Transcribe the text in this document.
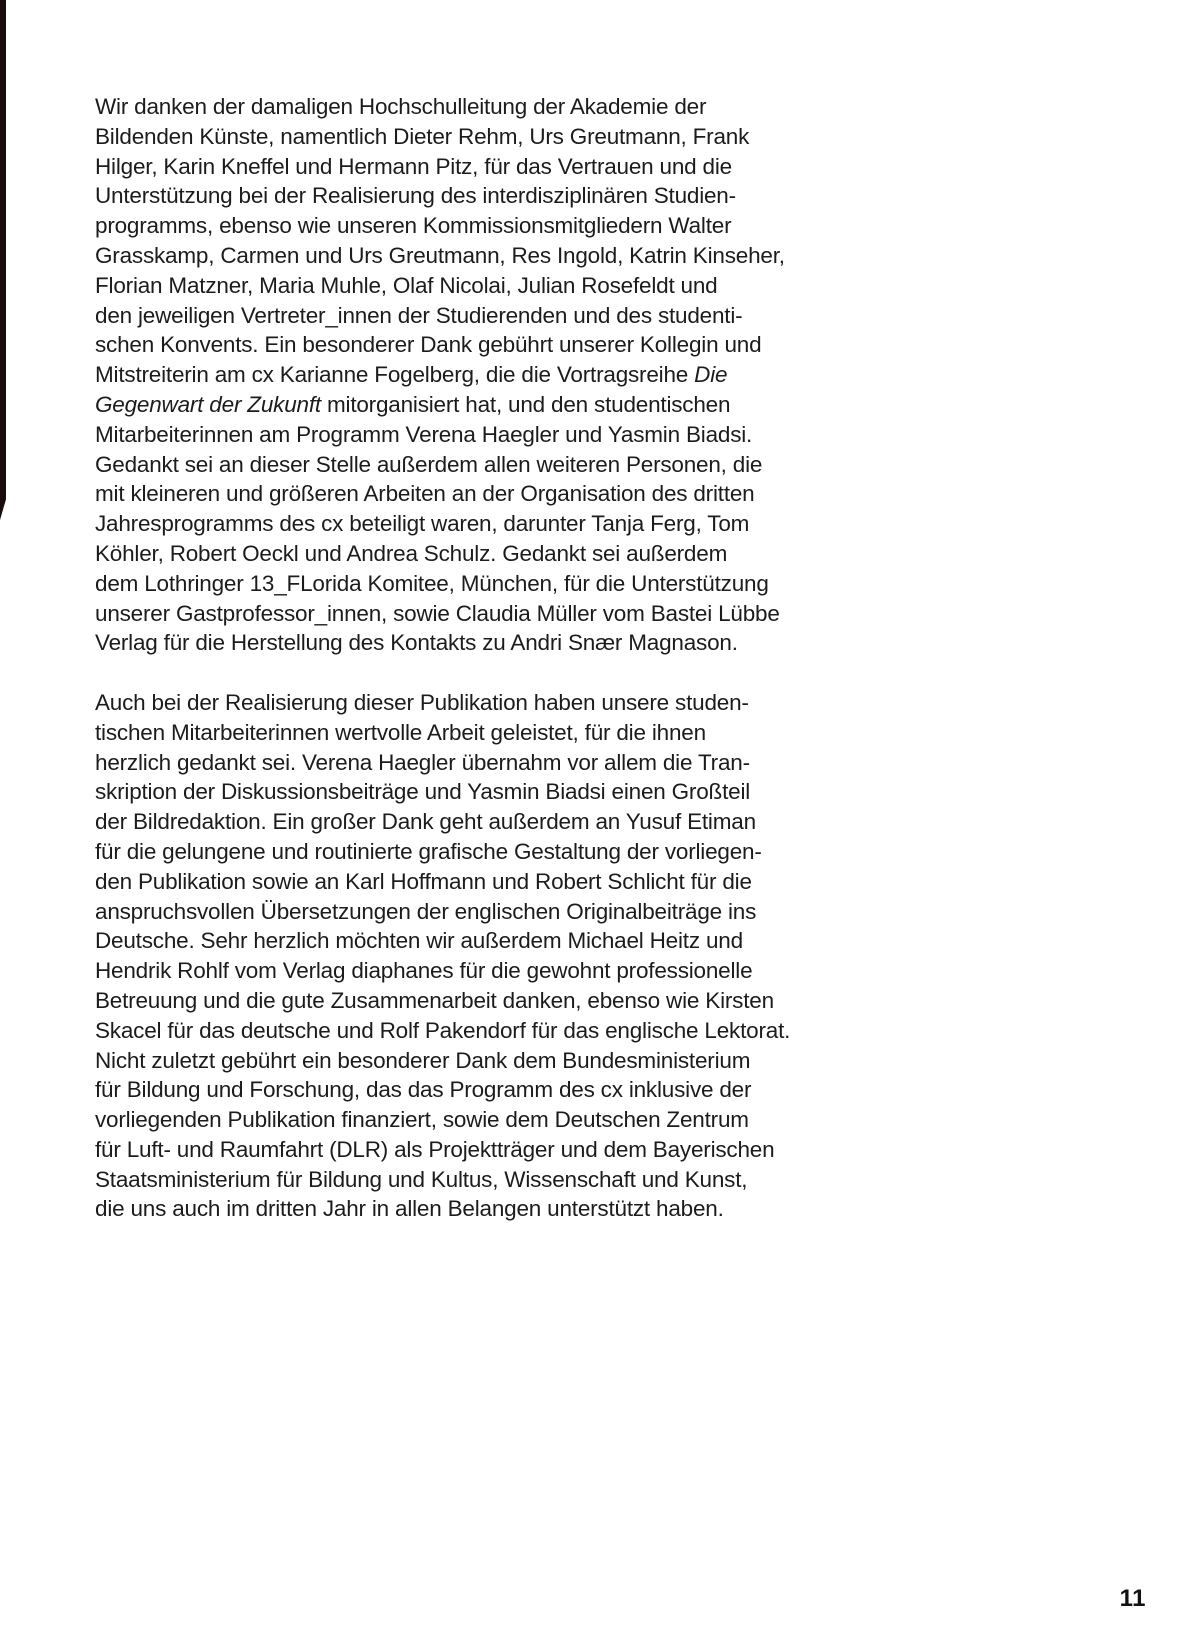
Wir danken der damaligen Hochschulleitung der Akademie der
Bildenden Künste, namentlich Dieter Rehm, Urs Greutmann, Frank
Hilger, Karin Kneffel und Hermann Pitz, für das Vertrauen und die
Unterstützung bei der Realisierung des interdisziplinären Studien-
programms, ebenso wie unseren Kommissionsmitgliedern Walter
Grasskamp, Carmen und Urs Greutmann, Res Ingold, Katrin Kinseher,
Florian Matzner, Maria Muhle, Olaf Nicolai, Julian Rosefeldt und
den jeweiligen Vertreter_innen der Studierenden und des studenti-
schen Konvents. Ein besonderer Dank gebührt unserer Kollegin und
Mitstreiterin am cx Karianne Fogelberg, die die Vortragsreihe Die
Gegenwart der Zukunft mitorganisiert hat, und den studentischen
Mitarbeiterinnen am Programm Verena Haegler und Yasmin Biadsi.
Gedankt sei an dieser Stelle außerdem allen weiteren Personen, die
mit kleineren und größeren Arbeiten an der Organisation des dritten
Jahresprogramms des cx beteiligt waren, darunter Tanja Ferg, Tom
Köhler, Robert Oeckl und Andrea Schulz. Gedankt sei außerdem
dem Lothringer 13_FLorida Komitee, München, für die Unterstützung
unserer Gastprofessor_innen, sowie Claudia Müller vom Bastei Lübbe
Verlag für die Herstellung des Kontakts zu Andri Snær Magnason.

Auch bei der Realisierung dieser Publikation haben unsere studen-
tischen Mitarbeiterinnen wertvolle Arbeit geleistet, für die ihnen
herzlich gedankt sei. Verena Haegler übernahm vor allem die Tran-
skription der Diskussionsbeiträge und Yasmin Biadsi einen Großteil
der Bildredaktion. Ein großer Dank geht außerdem an Yusuf Etiman
für die gelungene und routinierte grafische Gestaltung der vorliegen-
den Publikation sowie an Karl Hoffmann und Robert Schlicht für die
anspruchsvollen Übersetzungen der englischen Originalbeiträge ins
Deutsche. Sehr herzlich möchten wir außerdem Michael Heitz und
Hendrik Rohlf vom Verlag diaphanes für die gewohnt professionelle
Betreuung und die gute Zusammenarbeit danken, ebenso wie Kirsten
Skacel für das deutsche und Rolf Pakendorf für das englische Lektorat.
Nicht zuletzt gebührt ein besonderer Dank dem Bundesministerium
für Bildung und Forschung, das das Programm des cx inklusive der
vorliegenden Publikation finanziert, sowie dem Deutschen Zentrum
für Luft- und Raumfahrt (DLR) als Projektträger und dem Bayerischen
Staatsministerium für Bildung und Kultus, Wissenschaft und Kunst,
die uns auch im dritten Jahr in allen Belangen unterstützt haben.

11
